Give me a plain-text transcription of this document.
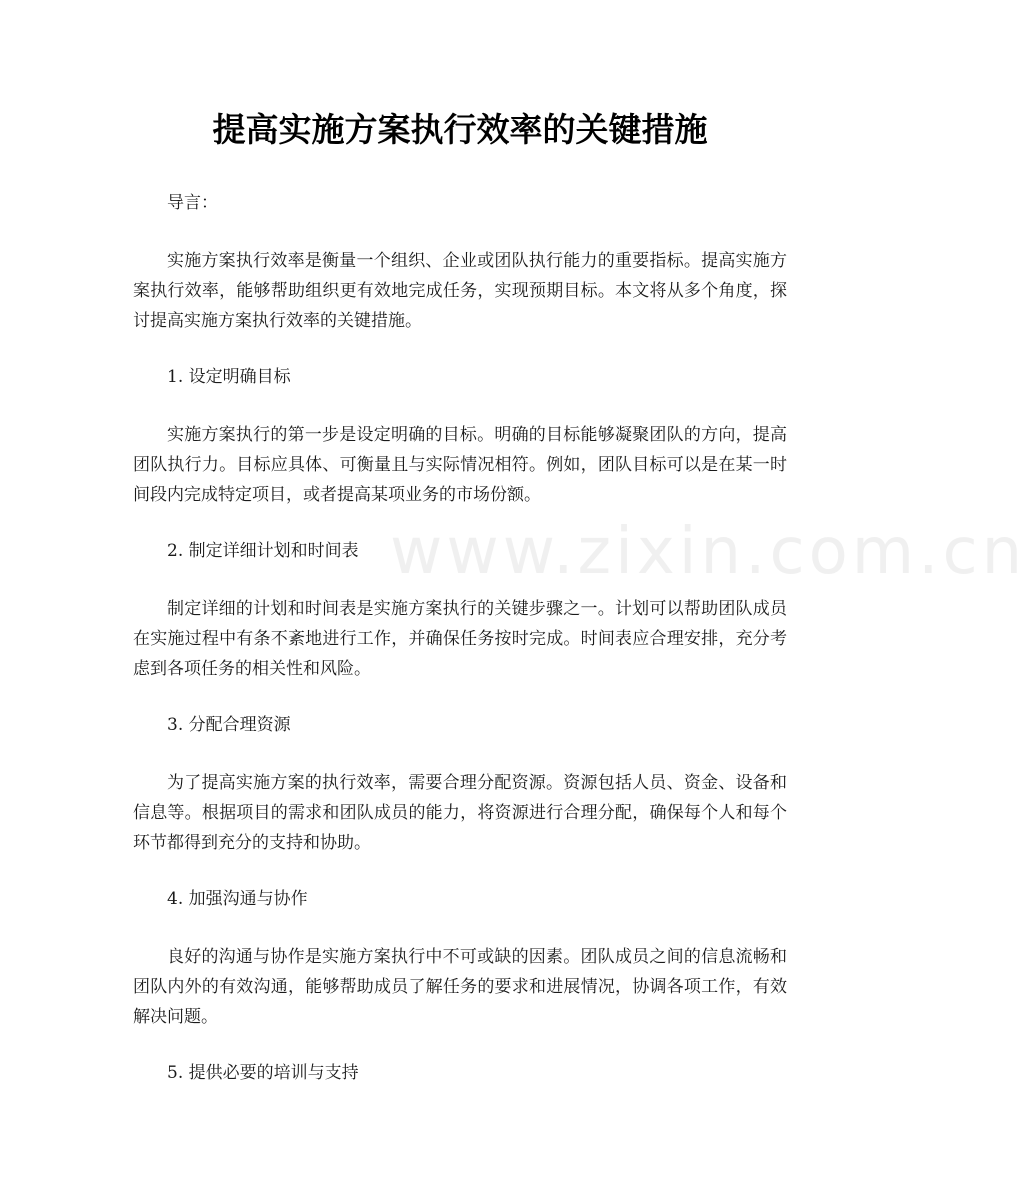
提高实施方案执行效率的关键措施
www.zixin.com.cn

导言：

实施方案执行效率是衡量一个组织、企业或团队执行能力的重要指标。提高实施方案执行效率，能够帮助组织更有效地完成任务，实现预期目标。本文将从多个角度，探讨提高实施方案执行效率的关键措施。

1. 设定明确目标

实施方案执行的第一步是设定明确的目标。明确的目标能够凝聚团队的方向，提高团队执行力。目标应具体、可衡量且与实际情况相符。例如，团队目标可以是在某一时间段内完成特定项目，或者提高某项业务的市场份额。

2. 制定详细计划和时间表

制定详细的计划和时间表是实施方案执行的关键步骤之一。计划可以帮助团队成员在实施过程中有条不紊地进行工作，并确保任务按时完成。时间表应合理安排，充分考虑到各项任务的相关性和风险。

3. 分配合理资源

为了提高实施方案的执行效率，需要合理分配资源。资源包括人员、资金、设备和信息等。根据项目的需求和团队成员的能力，将资源进行合理分配，确保每个人和每个环节都得到充分的支持和协助。

4. 加强沟通与协作

良好的沟通与协作是实施方案执行中不可或缺的因素。团队成员之间的信息流畅和团队内外的有效沟通，能够帮助成员了解任务的要求和进展情况，协调各项工作，有效解决问题。

5. 提供必要的培训与支持
